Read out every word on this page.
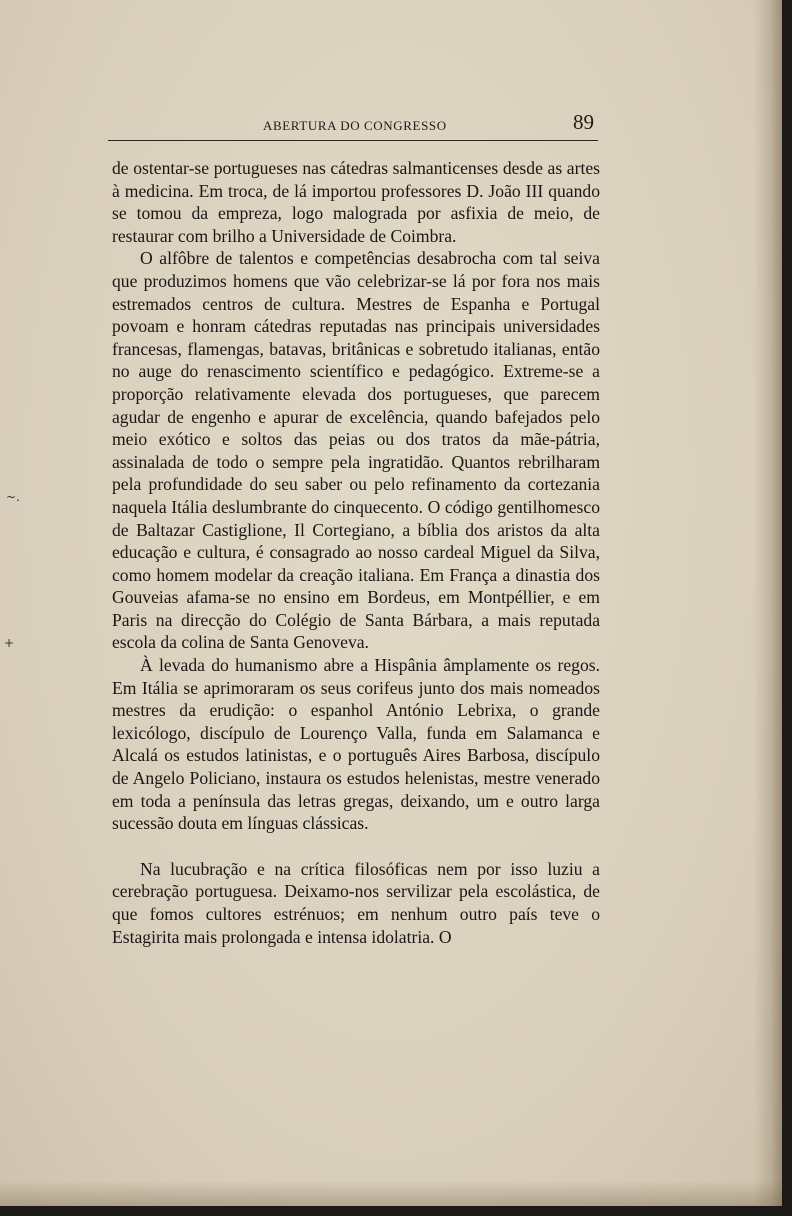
ABERTURA DO CONGRESSO	89

de ostentar-se portugueses nas cátedras salmanticenses desde as artes à medicina. Em troca, de lá importou professores D. João III quando se tomou da empreza, logo malograda por asfixia de meio, de restaurar com brilho a Universidade de Coimbra.

O alfôbre de talentos e competências desabrocha com tal seiva que produzimos homens que vão celebrizar-se lá por fora nos mais estremados centros de cultura. Mestres de Espanha e Portugal povoam e honram cátedras reputadas nas principais universidades francesas, flamengas, batavas, britânicas e sobretudo italianas, então no auge do renascimento scientífico e pedagógico. Extreme-se a proporção relativamente elevada dos portugueses, que parecem agudar de engenho e apurar de excelência, quando bafejados pelo meio exótico e soltos das peias ou dos tratos da mãe-pátria, assinalada de todo o sempre pela ingratidão. Quantos rebrilharam pela profundidade do seu saber ou pelo refinamento da cortezania naquela Itália deslumbrante do cinquecento. O código gentilhomesco de Baltazar Castiglione, Il Cortegiano, a bíblia dos aristos da alta educação e cultura, é consagrado ao nosso cardeal Miguel da Silva, como homem modelar da creação italiana. Em França a dinastia dos Gouveias afama-se no ensino em Bordeus, em Montpéllier, e em Paris na direcção do Colégio de Santa Bárbara, a mais reputada escola da colina de Santa Genoveva.

À levada do humanismo abre a Hispânia âmplamente os regos. Em Itália se aprimoraram os seus corifeus junto dos mais nomeados mestres da erudição: o espanhol António Lebrixa, o grande lexicólogo, discípulo de Lourenço Valla, funda em Salamanca e Alcalá os estudos latinistas, e o português Aires Barbosa, discípulo de Angelo Policiano, instaura os estudos helenistas, mestre venerado em toda a península das letras gregas, deixando, um e outro larga sucessão douta em línguas clássicas.

Na lucubração e na crítica filosóficas nem por isso luziu a cerebração portuguesa. Deixamo-nos servilizar pela escolástica, de que fomos cultores estrénuos; em nenhum outro país teve o Estagirita mais prolongada e intensa idolatria. O

~.
+
